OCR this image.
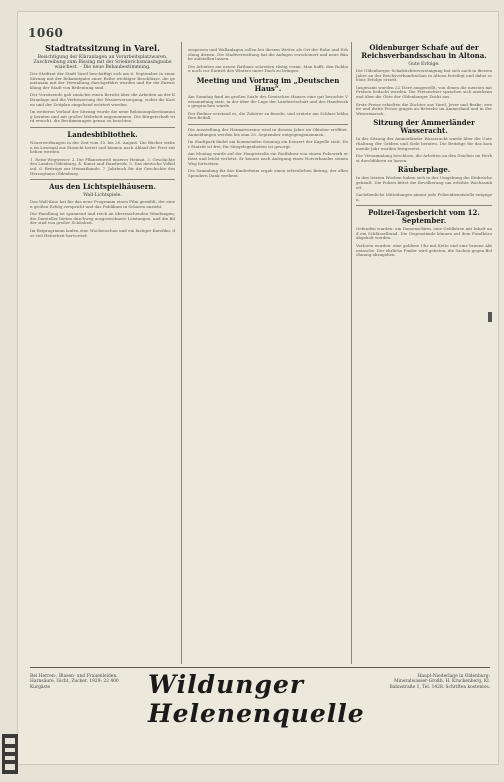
1060
Stadtratssitzung in Varel.
Besichtigung der Kläranlagen an Vorarbeitsplatzwaren. Zuschreibung zum Bissing mit der Sriederichsmiasingnabe wiaichest. – Die neue Bebaubestimmung.

Der Stadtrat der Stadt Varel beschäftigt sich am 6. September in einer Sitzung mit der Bekanntgabe einer Reihe wichtiger Beschlüsse, die gemeinsam mit der Verwaltung durchgeführt wurden und für die Entwicklung der Stadt von Bedeutung sind.

Der Vorsitzende gab zunächst einen Bericht über die Arbeiten an der Kläranlage und die Verbesserung der Wasserversorgung, wobei die Kosten und der Zeitplan eingehend erörtert wurden.

Im weiteren Verlauf der Sitzung wurde die neue Bebauungsbestimmung beraten und mit großer Mehrheit angenommen. Die Bürgerschaft wird ersucht, die Bestimmungen genau zu beachten.

Landesbibliothek.

Neuerwerbungen in der Zeit vom 15. bis 28. August. Die Bücher stehen im Lesesaal zur Einsicht bereit und können nach Ablauf der Frist entliehen werden.

1. Reise-Wegweiser. 2. Die Pflanzenwelt unserer Heimat. 3. Geschichte des Landes Oldenburg. 4. Kunst und Handwerk. 5. Das deutsche Volkslied. 6. Beiträge zur Heimatkunde. 7. Jahrbuch für die Geschichte des Herzogtums Oldenburg.

Aus den Lichtspielhäusern.
Wall-Lichtspiele.

Das Wall-Kino hat für das neue Programm einen Film gewählt, der einen großen Erfolg verspricht und das Publikum in Scharen anzieht.

Die Handlung ist spannend und reich an überraschenden Wendungen; die Darsteller bieten durchweg ausgezeichnete Leistungen, und die Bilder sind von großer Schönheit.

Im Beiprogramm laufen eine Wochenschau und ein lustiger Kurzfilm, der viel Heiterkeit hervorrief.

zuspeisen und Wallanlagen sollen bei diesem Wetter als Ort der Ruhe und Erholung dienen. Die Stadtverwaltung hat die Anlagen verschönert und neue Bänke aufstellen lassen.

Die Arbeiten am neuen Rathaus schreiten rüstig voran. Man hofft, den Rohbau noch vor Eintritt des Winters unter Dach zu bringen.

Meeting und Vortrag im „Deutschen Haus“.

Am Sonntag fand im großen Saale des Deutschen Hauses eine gut besuchte Versammlung statt, in der über die Lage der Landwirtschaft und des Handwerks gesprochen wurde.

Der Redner verstand es, die Zuhörer zu fesseln, und erntete am Schluss lebhaften Beifall.

Die Ausstellung der Heimatvereine wird in diesem Jahre im Oktober eröffnet. Anmeldungen werden bis zum 20. September entgegengenommen.

Im Stadtpark findet am kommenden Sonntag ein Konzert der Kapelle statt. Der Eintritt ist frei, für Sitzgelegenheiten ist gesorgt.

Am Montag wurde auf der Hauptstraße ein Radfahrer von einem Fuhrwerk erfasst und leicht verletzt. Er konnte nach Anlegung eines Notverbandes seinen Weg fortsetzen.

Die Sammlung für das Kinderheim ergab einen erfreulichen Betrag, der allen Spendern Dank verdient.

Oldenburger Schafe auf der Reichsverbandsschau in Altona.
Gute Erfolge.

Die Oldenburger Schafzüchtervereinigung hat sich auch in diesem Jahre an der Reichsverbandsschau in Altona beteiligt und dabei schöne Erfolge erzielt.

Insgesamt wurden 22 Tiere ausgestellt, von denen die meisten mit Preisen bedacht wurden. Die Preisrichter sprachen sich anerkennend über die Güte der Oldenburger Zucht aus.

Erste Preise erhielten die Züchter aus Varel, Jever und Brake; zweite und dritte Preise gingen an Betriebe im Ammerland und in der Wesermarsch.

Sitzung der Ammerländer Wasseracht.

In der Sitzung der Ammerländer Wasseracht wurde über die Unterhaltung der Gräben und Siele beraten. Die Beiträge für das kommende Jahr wurden festgesetzt.

Die Versammlung beschloss, die Arbeiten an den Deichen im Herbst durchführen zu lassen.

Räuberplage.

In den letzten Wochen haben sich in der Umgebung die Einbrüche gehäuft. Die Polizei bittet die Bevölkerung um erhöhte Wachsamkeit.

Sachdienliche Mitteilungen nimmt jede Polizeidienststelle entgegen.

Polizei-Tagesbericht vom 12. September.

Gefunden wurden: ein Damenschirm, eine Geldbörse mit Inhalt und ein Schlüsselbund. Die Gegenstände können auf dem Fundbüro abgeholt werden.

Verloren wurden: eine goldene Uhr mit Kette und eine braune Aktentasche. Der ehrliche Finder wird gebeten, die Sachen gegen Belohnung abzugeben.

Bei Herren-, Blasen- und Frauenleiden. Harnsäure, Gicht, Zucker. 1929: 22 400 Kurgäste	Wildunger Helenenquelle
Haupt-Niederlage in Oldenburg: Mineralwasser-Großh. H. Kruckenberg, Kl. Bahnstraße 1, Tel. 1428. Schriften kostenlos.
